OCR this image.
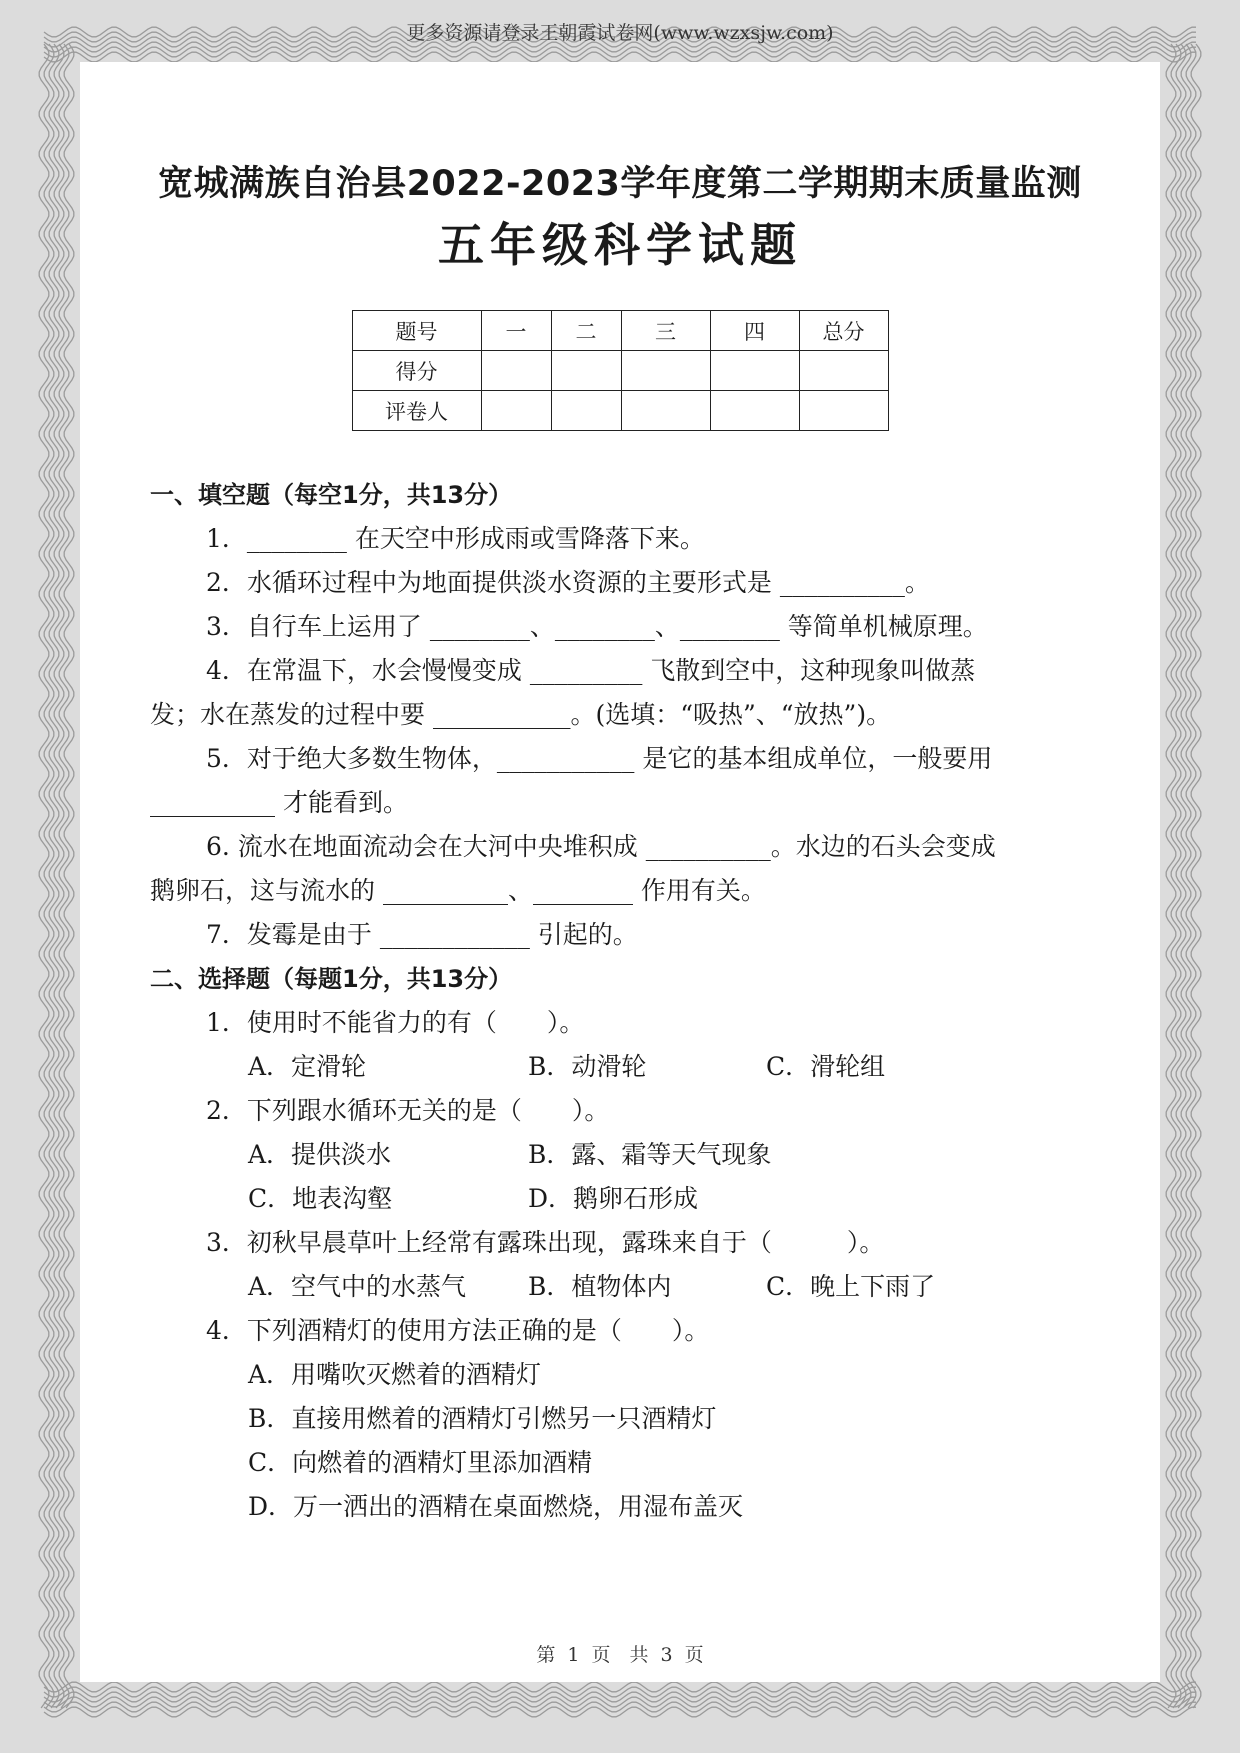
更多资源请登录王朝霞试卷网(www.wzxsjw.com)
宽城满族自治县2022-2023学年度第二学期期末质量监测
五年级科学试题
题号	一	二	三	四	总分
得分					
评卷人					

一、填空题（每空1分，共13分）

1．________ 在天空中形成雨或雪降落下来。

2．水循环过程中为地面提供淡水资源的主要形式是 __________。

3．自行车上运用了 ________、________、________ 等简单机械原理。

4．在常温下，水会慢慢变成 _________ 飞散到空中，这种现象叫做蒸

发；水在蒸发的过程中要 ___________。(选填：“吸热”、“放热”)。

5．对于绝大多数生物体，___________ 是它的基本组成单位，一般要用

__________ 才能看到。

6. 流水在地面流动会在大河中央堆积成 __________。水边的石头会变成

鹅卵石，这与流水的 __________、________ 作用有关。

7．发霉是由于 ____________ 引起的。

二、选择题（每题1分，共13分）

1．使用时不能省力的有（　　）。

A．定滑轮	B．动滑轮	C．滑轮组

2．下列跟水循环无关的是（　　）。

A．提供淡水	B．露、霜等天气现象

C．地表沟壑	D．鹅卵石形成

3．初秋早晨草叶上经常有露珠出现，露珠来自于（　　　）。

A．空气中的水蒸气 B．植物体内	C．晚上下雨了

4．下列酒精灯的使用方法正确的是（　　）。

A．用嘴吹灭燃着的酒精灯

B．直接用燃着的酒精灯引燃另一只酒精灯

C．向燃着的酒精灯里添加酒精

D．万一洒出的酒精在桌面燃烧，用湿布盖灭

第 1 页　共 3 页
